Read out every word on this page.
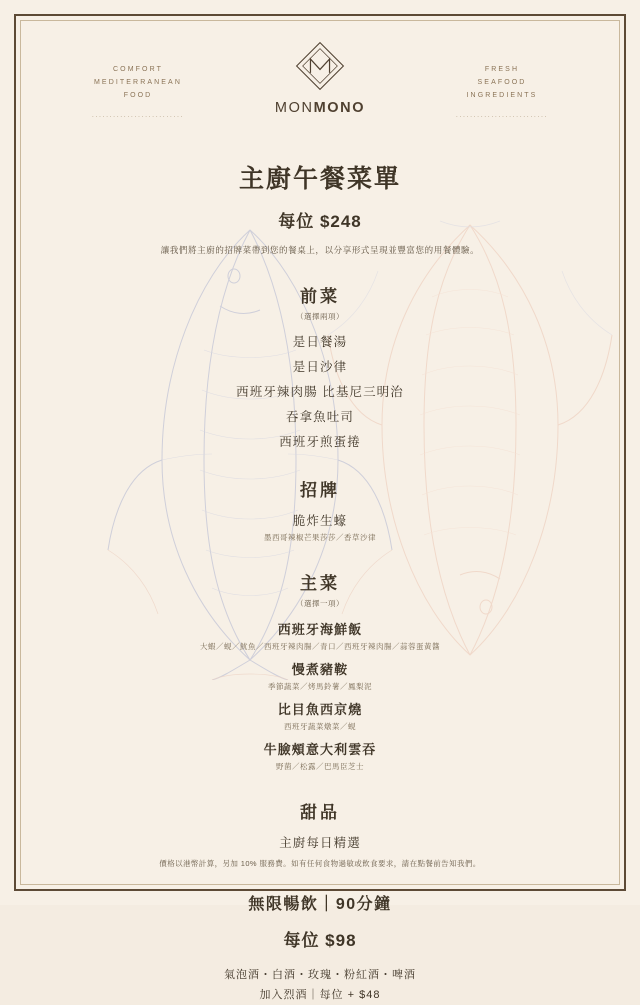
COMFORT
MEDITERRANEAN
FOOD
..........................	MONMONO
FRESH
SEAFOOD
INGREDIENTS
..........................
主廚午餐菜單
每位 $248
讓我們將主廚的招牌菜帶到您的餐桌上，以分享形式呈現並豐富您的用餐體驗。
前菜
（選擇兩項）
是日餐湯
是日沙律
西班牙辣肉腸 比基尼三明治
吞拿魚吐司
西班牙煎蛋捲
招牌
脆炸生蠔
墨西哥辣椒芒果莎莎／香草沙律
主菜
（選擇一項）
西班牙海鮮飯
大蝦／蜆／魷魚／西班牙辣肉腸／青口／西班牙辣肉腸／蒜蓉蛋黃醬
慢煮豬鞍
季節蔬菜／烤馬鈴薯／鳳梨泥
比目魚西京燒
西班牙蔬菜燉菜／蜆
牛臉頰意大利雲吞
野菌／松露／巴馬臣芝士
甜品
主廚每日精選
無限暢飲｜90分鐘
每位 $98
氣泡酒・白酒・玫瑰・粉紅酒・啤酒
加入烈酒｜每位 + $48
價格以港幣計算，另加 10% 服務費。如有任何食物過敏或飲食要求，請在點餐前告知我們。
